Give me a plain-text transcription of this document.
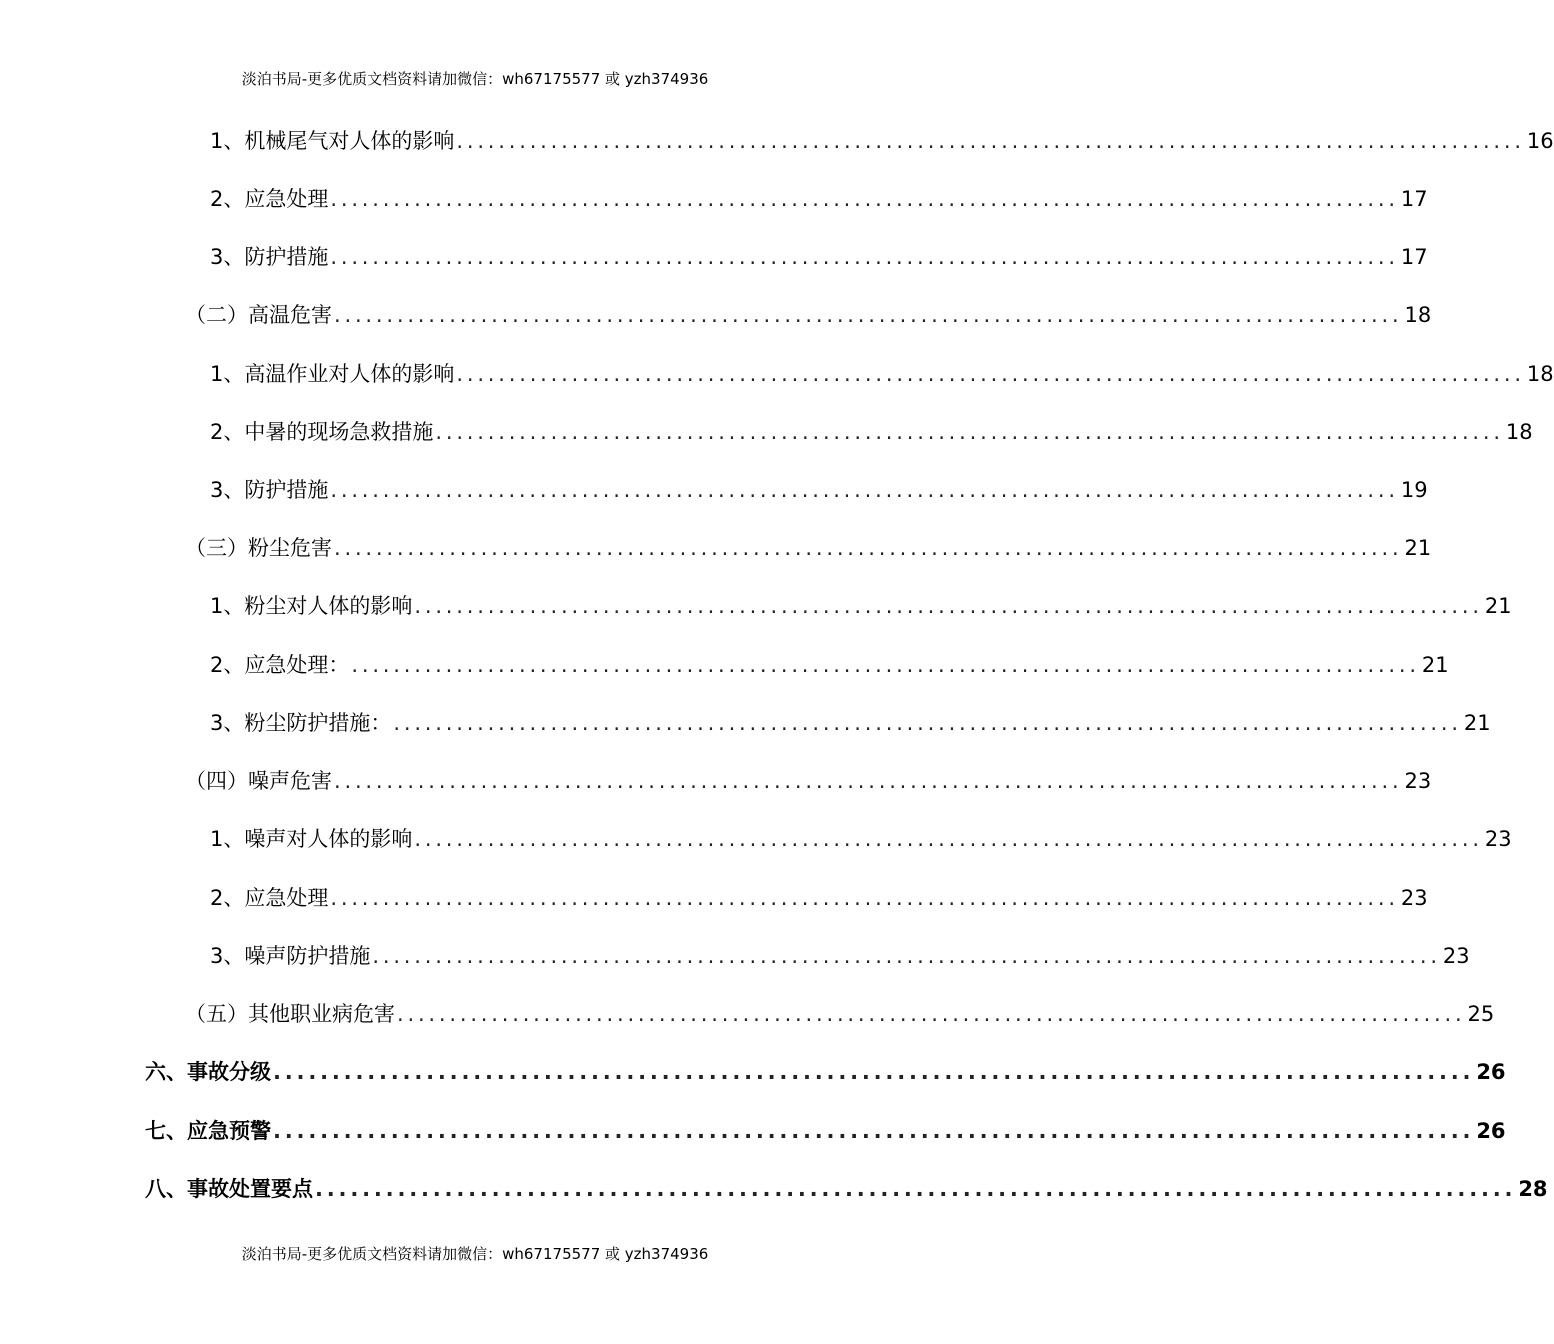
淡泊书局-更多优质文档资料请加微信：wh67175577 或 yzh374936
1、机械尾气对人体的影响 ...................................................................................................... 16
2、应急处理 ...................................................................................................... 17
3、防护措施 ...................................................................................................... 17
（二）高温危害 ...................................................................................................... 18
1、高温作业对人体的影响 ...................................................................................................... 18
2、中暑的现场急救措施 ...................................................................................................... 18
3、防护措施 ...................................................................................................... 19
（三）粉尘危害 ...................................................................................................... 21
1、粉尘对人体的影响 ...................................................................................................... 21
2、应急处理： ...................................................................................................... 21
3、粉尘防护措施： ...................................................................................................... 21
（四）噪声危害 ...................................................................................................... 23
1、噪声对人体的影响 ...................................................................................................... 23
2、应急处理 ...................................................................................................... 23
3、噪声防护措施 ...................................................................................................... 23
（五）其他职业病危害 ...................................................................................................... 25
六、事故分级 ...................................................................................................... 26
七、应急预警 ...................................................................................................... 26
八、事故处置要点 ...................................................................................................... 28
淡泊书局-更多优质文档资料请加微信：wh67175577 或 yzh374936
